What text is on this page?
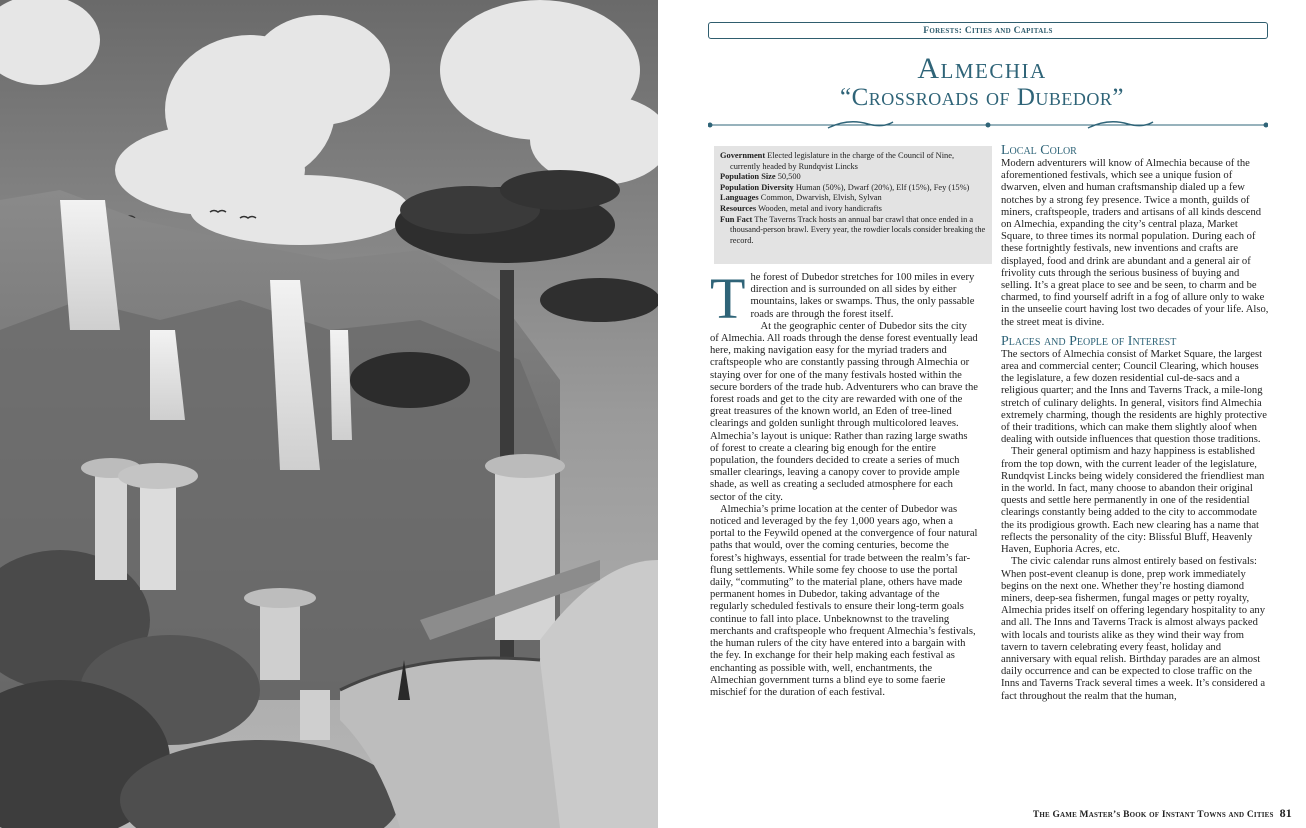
Forests: Cities and Capitals
Almechia
“Crossroads of Dubedor”

Government Elected legislature in the charge of the Council of Nine, currently headed by Rundqvist Lincks

Population Size 50,500

Population Diversity Human (50%), Dwarf (20%), Elf (15%), Fey (15%)

Languages Common, Dwarvish, Elvish, Sylvan

Resources Wooden, metal and ivory handicrafts

Fun Fact The Taverns Track hosts an annual bar crawl that once ended in a thousand-person brawl. Every year, the rowdier locals consider breaking the record.

The forest of Dubedor stretches for 100 miles in every direction and is surrounded on all sides by either mountains, lakes or swamps. Thus, the only passable roads are through the forest itself.

At the geographic center of Dubedor sits the city of Almechia. All roads through the dense forest eventually lead here, making navigation easy for the myriad traders and craftspeople who are constantly passing through Almechia or staying over for one of the many festivals hosted within the secure borders of the trade hub. Adventurers who can brave the forest roads and get to the city are rewarded with one of the great treasures of the known world, an Eden of tree-lined clearings and golden sunlight through multicolored leaves. Almechia’s layout is unique: Rather than razing large swaths of forest to create a clearing big enough for the entire population, the founders decided to create a series of much smaller clearings, leaving a canopy cover to provide ample shade, as well as creating a secluded atmosphere for each sector of the city.

Almechia’s prime location at the center of Dubedor was noticed and leveraged by the fey 1,000 years ago, when a portal to the Feywild opened at the convergence of four natural paths that would, over the coming centuries, become the forest’s highways, essential for trade between the realm’s far-flung settlements. While some fey choose to use the portal daily, “commuting” to the material plane, others have made permanent homes in Dubedor, taking advantage of the regularly scheduled festivals to ensure their long-term goals continue to fall into place. Unbeknownst to the traveling merchants and craftspeople who frequent Almechia’s festivals, the human rulers of the city have entered into a bargain with the fey. In exchange for their help making each festival as enchanting as possible with, well, enchantments, the Almechian government turns a blind eye to some faerie mischief for the duration of each festival.

Local Color

Modern adventurers will know of Almechia because of the aforementioned festivals, which see a unique fusion of dwarven, elven and human craftsmanship dialed up a few notches by a strong fey presence. Twice a month, guilds of miners, craftspeople, traders and artisans of all kinds descend on Almechia, expanding the city’s central plaza, Market Square, to three times its normal population. During each of these fortnightly festivals, new inventions and crafts are displayed, food and drink are abundant and a general air of frivolity cuts through the serious business of buying and selling. It’s a great place to see and be seen, to charm and be charmed, to find yourself adrift in a fog of allure only to wake in the unseelie court having lost two decades of your life. Also, the street meat is divine.

Places and People of Interest

The sectors of Almechia consist of Market Square, the largest area and commercial center; Council Clearing, which houses the legislature, a few dozen residential cul-de-sacs and a religious quarter; and the Inns and Taverns Track, a mile-long stretch of culinary delights. In general, visitors find Almechia extremely charming, though the residents are highly protective of their traditions, which can make them slightly aloof when dealing with outside influences that question those traditions.

Their general optimism and hazy happiness is established from the top down, with the current leader of the legislature, Rundqvist Lincks being widely considered the friendliest man in the world. In fact, many choose to abandon their original quests and settle here permanently in one of the residential clearings constantly being added to the city to accommodate the its prodigious growth. Each new clearing has a name that reflects the personality of the city: Blissful Bluff, Heavenly Haven, Euphoria Acres, etc.

The civic calendar runs almost entirely based on festivals: When post-event cleanup is done, prep work immediately begins on the next one. Whether they’re hosting diamond miners, deep-sea fishermen, fungal mages or petty royalty, Almechia prides itself on offering legendary hospitality to any and all. The Inns and Taverns Track is almost always packed with locals and tourists alike as they wind their way from tavern to tavern celebrating every feast, holiday and anniversary with equal relish. Birthday parades are an almost daily occurrence and can be expected to close traffic on the Inns and Taverns Track several times a week. It’s considered a fact throughout the realm that the human,

The Game Master’s Book of Instant Towns and Cities 81
